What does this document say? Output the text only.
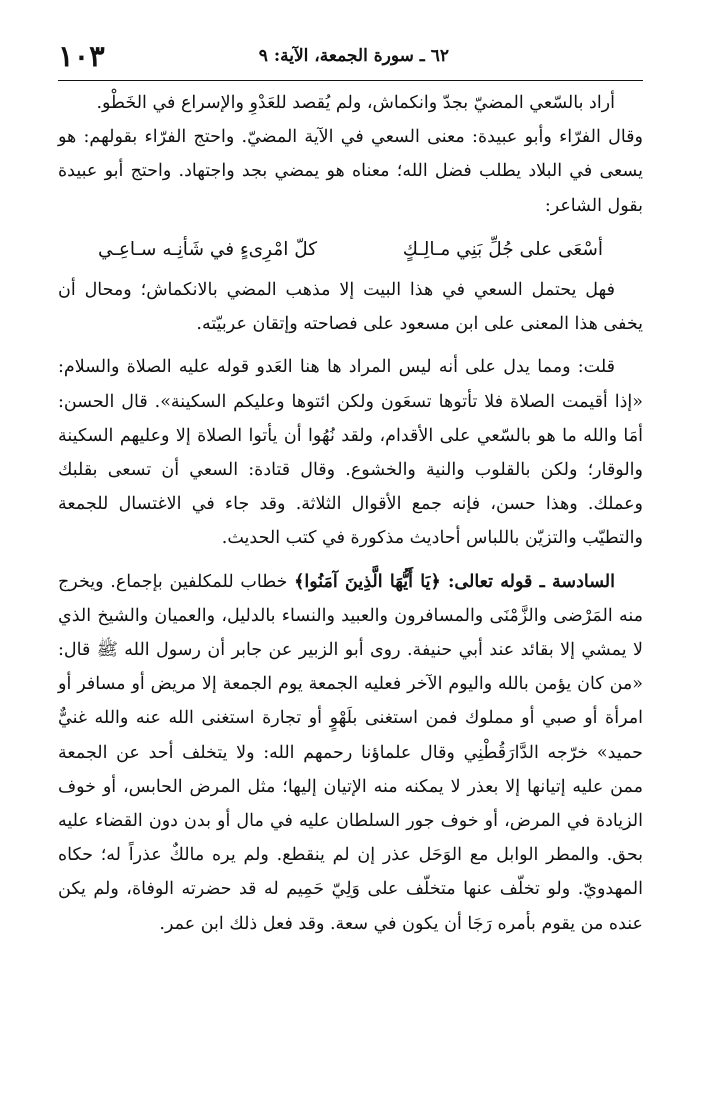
١٠٣	٦٢ ـ سورة الجمعة، الآية: ٩

أراد بالسّعي المضيّ بجدّ وانكماش، ولم يُقصد للعَدْوِ والإسراع في الخَطْو.

وقال الفرّاء وأبو عبيدة: معنى السعي في الآية المضيّ. واحتج الفرّاء بقولهم: هو يسعى في البلاد يطلب فضل الله؛ معناه هو يمضي بجد واجتهاد. واحتج أبو عبيدة بقول الشاعر:

أسْعَى على جُلِّ بَنِي مـالِـكٍ
كلّ امْرِىءٍ في شَأنِـه سـاعِـي

فهل يحتمل السعي في هذا البيت إلا مذهب المضي بالانكماش؛ ومحال أن يخفى هذا المعنى على ابن مسعود على فصاحته وإتقان عربيّته.

قلت: ومما يدل على أنه ليس المراد ها هنا العَدو قوله عليه الصلاة والسلام: «إذا أقيمت الصلاة فلا تأتوها تسعَون ولكن ائتوها وعليكم السكينة». قال الحسن: أمَا والله ما هو بالسّعي على الأقدام، ولقد نُهُوا أن يأتوا الصلاة إلا وعليهم السكينة والوقار؛ ولكن بالقلوب والنية والخشوع. وقال قتادة: السعي أن تسعى بقلبك وعملك. وهذا حسن، فإنه جمع الأقوال الثلاثة. وقد جاء في الاغتسال للجمعة والتطيّب والتزيّن باللباس أحاديث مذكورة في كتب الحديث.

السادسة ـ قوله تعالى: ﴿يَا أَيُّهَا الَّذِينَ آمَنُوا﴾ خطاب للمكلفين بإجماع. ويخرج منه المَرْضى والزَّمْنَى والمسافرون والعبيد والنساء بالدليل، والعميان والشيخ الذي لا يمشي إلا بقائد عند أبي حنيفة. روى أبو الزبير عن جابر أن رسول الله ﷺ قال: «من كان يؤمن بالله واليوم الآخر فعليه الجمعة يوم الجمعة إلا مريض أو مسافر أو امرأة أو صبي أو مملوك فمن استغنى بلَهْوٍ أو تجارة استغنى الله عنه والله غنيٌّ حميد» خرّجه الدَّارَقُطْنِي وقال علماؤنا رحمهم الله: ولا يتخلف أحد عن الجمعة ممن عليه إتيانها إلا بعذر لا يمكنه منه الإتيان إليها؛ مثل المرض الحابس، أو خوف الزيادة في المرض، أو خوف جور السلطان عليه في مال أو بدن دون القضاء عليه بحق. والمطر الوابل مع الوَحَل عذر إن لم ينقطع. ولم يره مالكٌ عذراً له؛ حكاه المهدويّ. ولو تخلّف عنها متخلّف على وَلِيّ حَمِيم له قد حضرته الوفاة، ولم يكن عنده من يقوم بأمره رَجَا أن يكون في سعة. وقد فعل ذلك ابن عمر.
